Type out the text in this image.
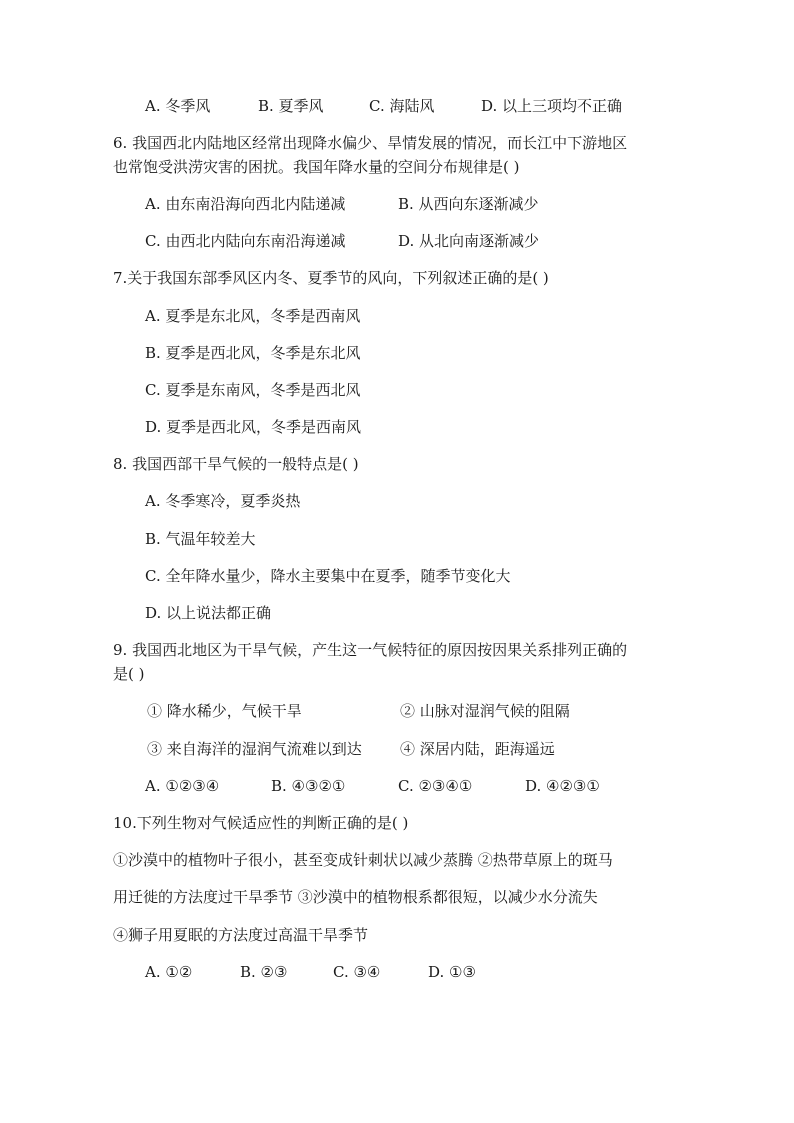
A. 冬季风	B. 夏季风	C. 海陆风	D. 以上三项均不正确
6. 我国西北内陆地区经常出现降水偏少、旱情发展的情况，而长江中下游地区
也常饱受洪涝灾害的困扰。我国年降水量的空间分布规律是( )
A. 由东南沿海向西北内陆递减	B. 从西向东逐渐减少
C. 由西北内陆向东南沿海递减	D. 从北向南逐渐减少
7.关于我国东部季风区内冬、夏季节的风向，下列叙述正确的是( )
A. 夏季是东北风，冬季是西南风
B. 夏季是西北风，冬季是东北风
C. 夏季是东南风，冬季是西北风
D. 夏季是西北风，冬季是西南风
8. 我国西部干旱气候的一般特点是( )
A. 冬季寒冷，夏季炎热
B. 气温年较差大
C. 全年降水量少，降水主要集中在夏季，随季节变化大
D. 以上说法都正确
9. 我国西北地区为干旱气候，产生这一气候特征的原因按因果关系排列正确的
是( )
① 降水稀少，气候干旱	② 山脉对湿润气候的阻隔
③ 来自海洋的湿润气流难以到达	④ 深居内陆，距海遥远
A. ①②③④	B. ④③②①	C. ②③④①	D. ④②③①
10.下列生物对气候适应性的判断正确的是( )
①沙漠中的植物叶子很小，甚至变成针刺状以减少蒸腾 ②热带草原上的斑马
用迁徙的方法度过干旱季节 ③沙漠中的植物根系都很短，以减少水分流失
④狮子用夏眠的方法度过高温干旱季节
A. ①②	B. ②③	C. ③④	D. ①③
